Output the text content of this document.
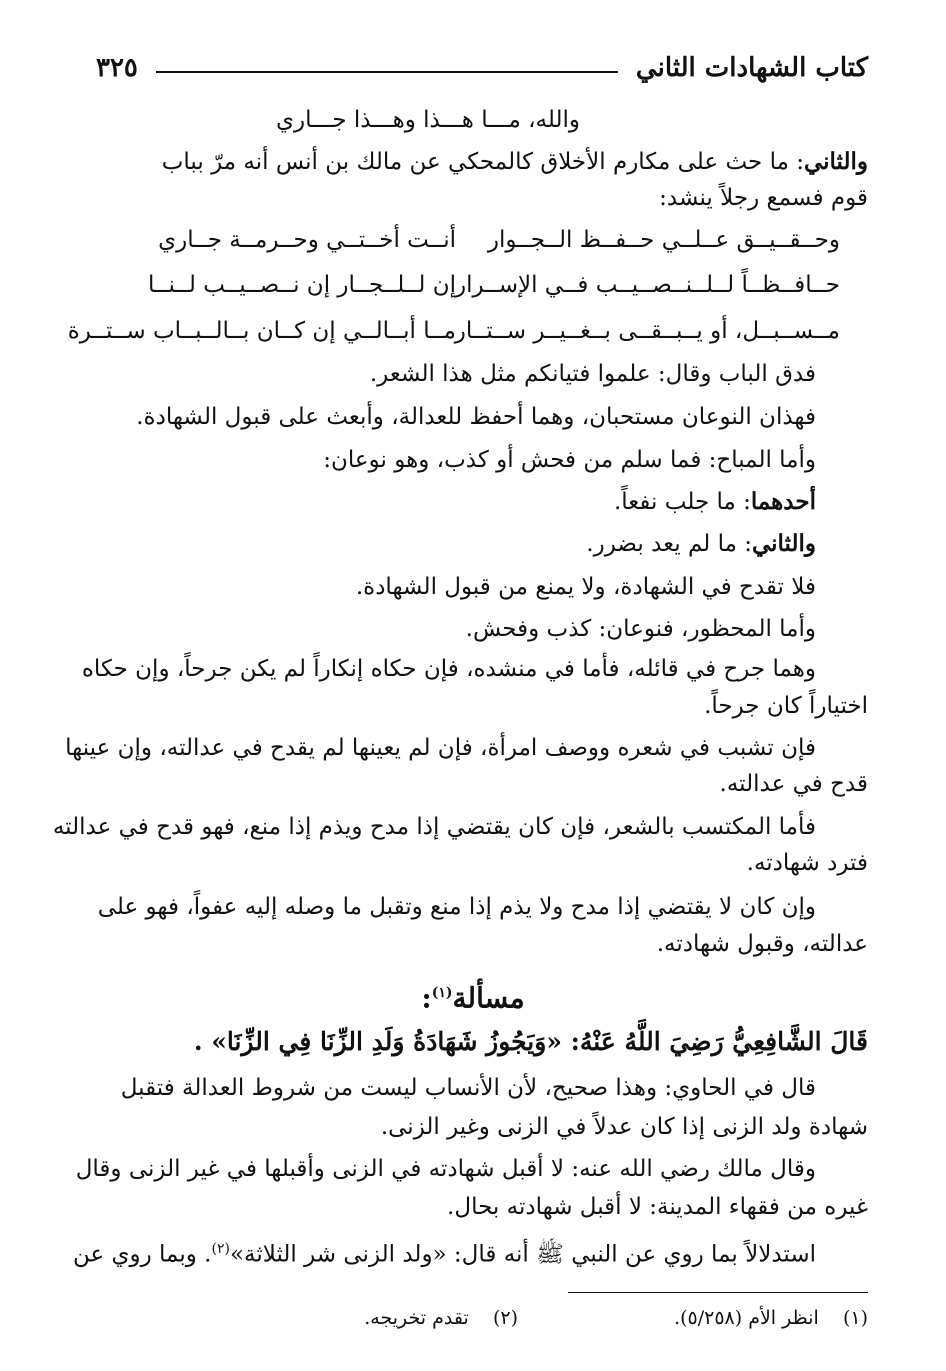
كتاب الشهادات الثاني
٣٢٥
والله، مـــا هـــذا وهـــذا جـــاري
والثاني: ما حث على مكارم الأخلاق كالمحكي عن مالك بن أنس أنه مرّ بباب
قوم فسمع رجلاً ينشد:
أنــت أخــتــي وحــرمــة جــاري وحــقــيــق عــلــي حــفــظ الــجــوار
إن لــلــجــار إن نــصــيــب لــنــا حــافــظــاً لــلــنــصــيــب فــي الإســرار
مــا أبــالــي إن كــان بــالــبــاب ســتــرة
مــســبــل، أو يــبــقــى بــغــيــر ســتــار
فدق الباب وقال: علموا فتيانكم مثل هذا الشعر.
فهذان النوعان مستحبان، وهما أحفظ للعدالة، وأبعث على قبول الشهادة.
وأما المباح: فما سلم من فحش أو كذب، وهو نوعان:
أحدهما: ما جلب نفعاً.
والثاني: ما لم يعد بضرر.
فلا تقدح في الشهادة، ولا يمنع من قبول الشهادة.
وأما المحظور، فنوعان: كذب وفحش.
وهما جرح في قائله، فأما في منشده، فإن حكاه إنكاراً لم يكن جرحاً، وإن حكاه
اختياراً كان جرحاً.
فإن تشبب في شعره ووصف امرأة، فإن لم يعينها لم يقدح في عدالته، وإن عينها
قدح في عدالته.
فأما المكتسب بالشعر، فإن كان يقتضي إذا مدح ويذم إذا منع، فهو قدح في عدالته
فترد شهادته.
وإن كان لا يقتضي إذا مدح ولا يذم إذا منع وتقبل ما وصله إليه عفواً، فهو على
عدالته، وقبول شهادته.
مسألة$^{(١)}$:
قَالَ الشَّافِعِيُّ رَضِيَ اللَّهُ عَنْهُ: «وَيَجُوزُ شَهَادَةُ وَلَدِ الزِّنَا فِي الزِّنَا» .
قال في الحاوي: وهذا صحيح، لأن الأنساب ليست من شروط العدالة فتقبل
شهادة ولد الزنى إذا كان عدلاً في الزنى وغير الزنى.
وقال مالك رضي الله عنه: لا أقبل شهادته في الزنى وأقبلها في غير الزنى وقال
غيره من فقهاء المدينة: لا أقبل شهادته بحال.
استدلالاً بما روي عن النبي ﷺ أنه قال: «ولد الزنى شر الثلاثة»$^{(٢)}$. وبما روي عن
(١)    انظر الأم (٥/٢٥٨).
(٢)    تقدم تخريجه.
